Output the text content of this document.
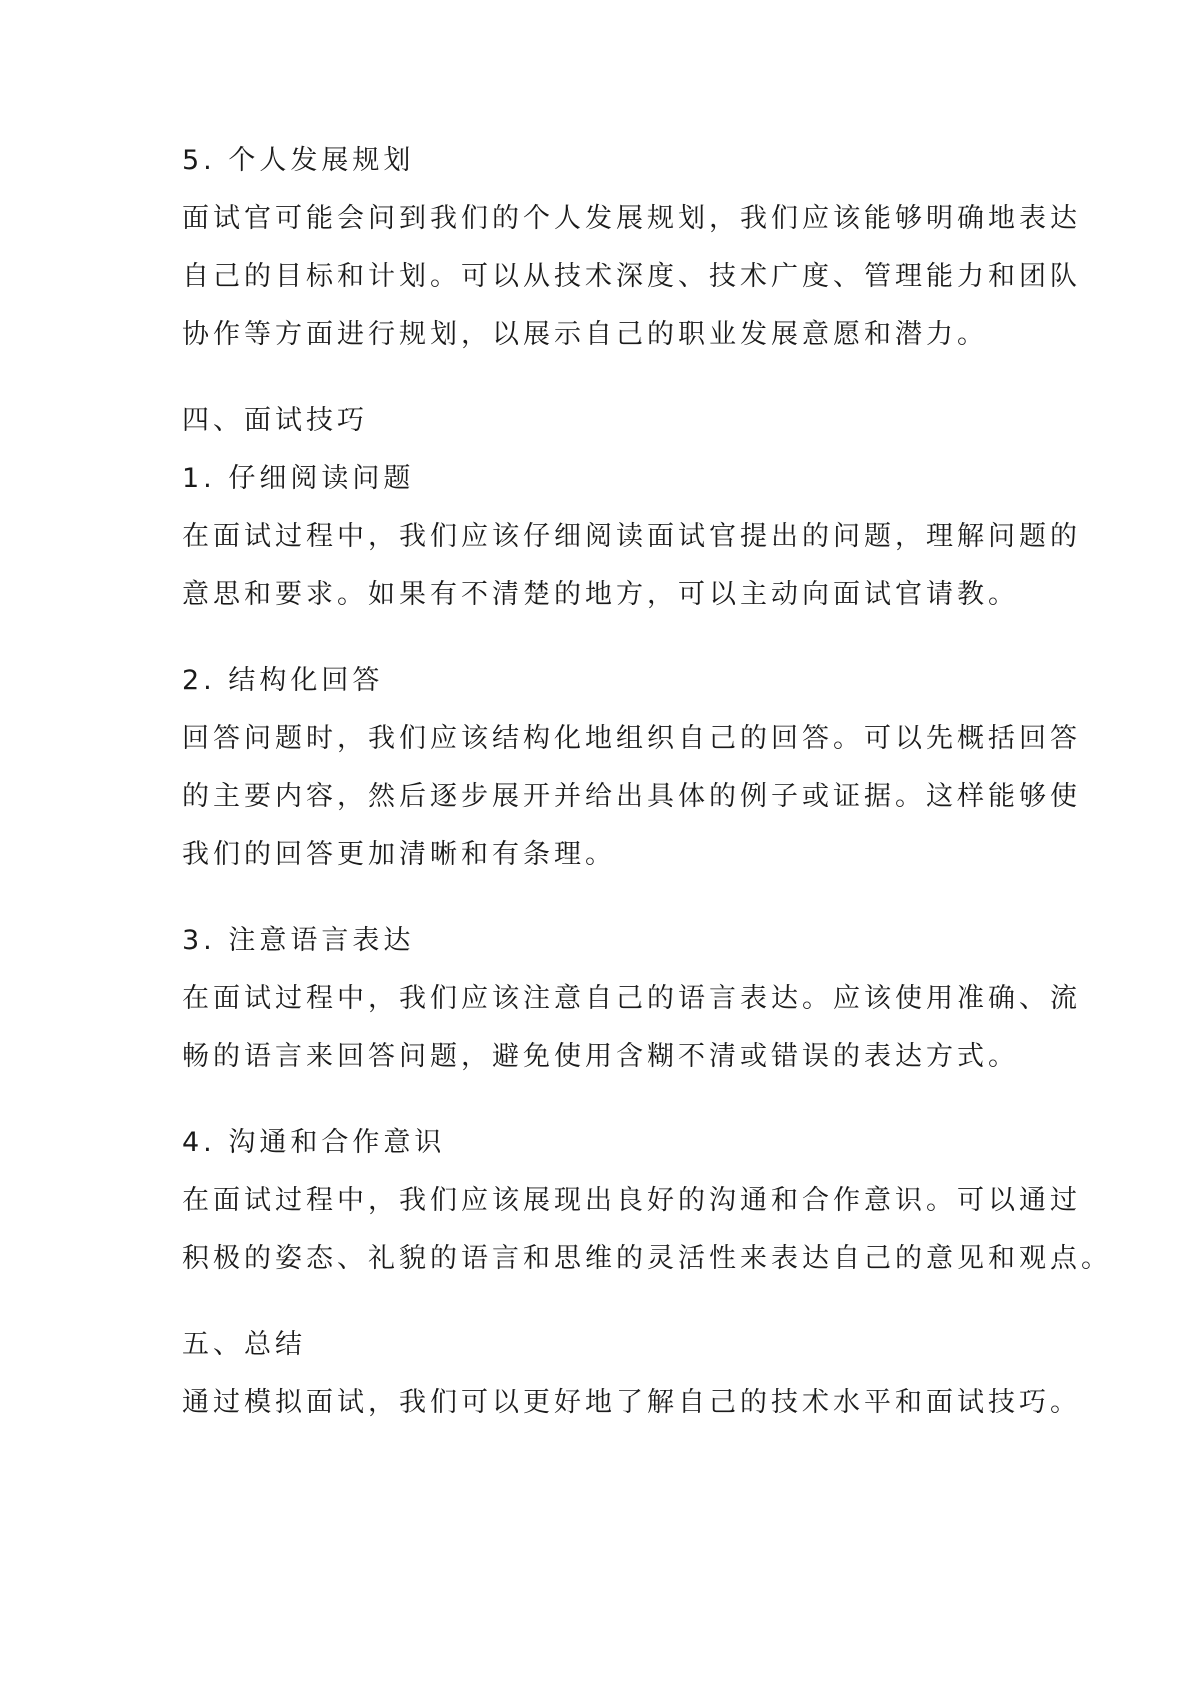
5. 个人发展规划

面试官可能会问到我们的个人发展规划，我们应该能够明确地表达

自己的目标和计划。可以从技术深度、技术广度、管理能力和团队

协作等方面进行规划，以展示自己的职业发展意愿和潜力。

四、面试技巧

1. 仔细阅读问题

在面试过程中，我们应该仔细阅读面试官提出的问题，理解问题的

意思和要求。如果有不清楚的地方，可以主动向面试官请教。

2. 结构化回答

回答问题时，我们应该结构化地组织自己的回答。可以先概括回答

的主要内容，然后逐步展开并给出具体的例子或证据。这样能够使

我们的回答更加清晰和有条理。

3. 注意语言表达

在面试过程中，我们应该注意自己的语言表达。应该使用准确、流

畅的语言来回答问题，避免使用含糊不清或错误的表达方式。

4. 沟通和合作意识

在面试过程中，我们应该展现出良好的沟通和合作意识。可以通过

积极的姿态、礼貌的语言和思维的灵活性来表达自己的意见和观点。

五、总结

通过模拟面试，我们可以更好地了解自己的技术水平和面试技巧。
